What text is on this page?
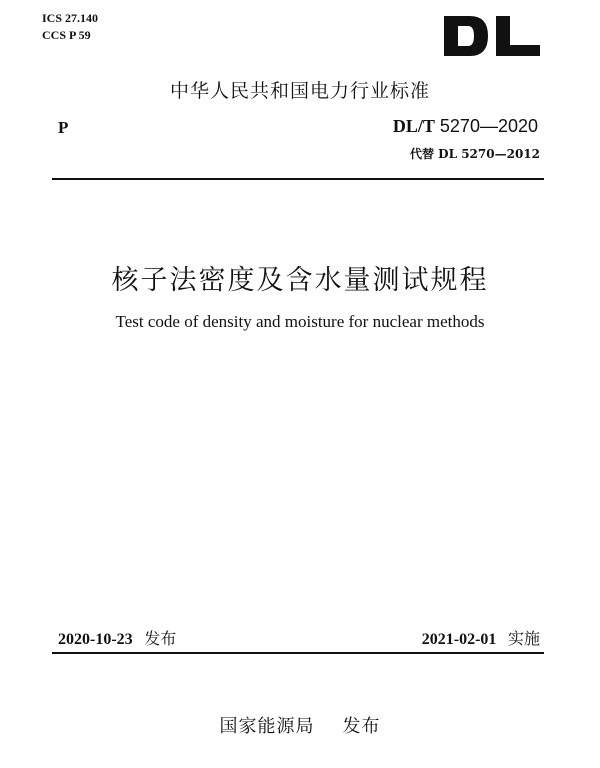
ICS 27.140
CCS P 59
中华人民共和国电力行业标准
P	DL/T 5270—2020
代替 DL 5270—2012
核子法密度及含水量测试规程
Test code of density and moisture for nuclear methods
2020-10-23 发布	2021-02-01 实施
国家能源局 发布
